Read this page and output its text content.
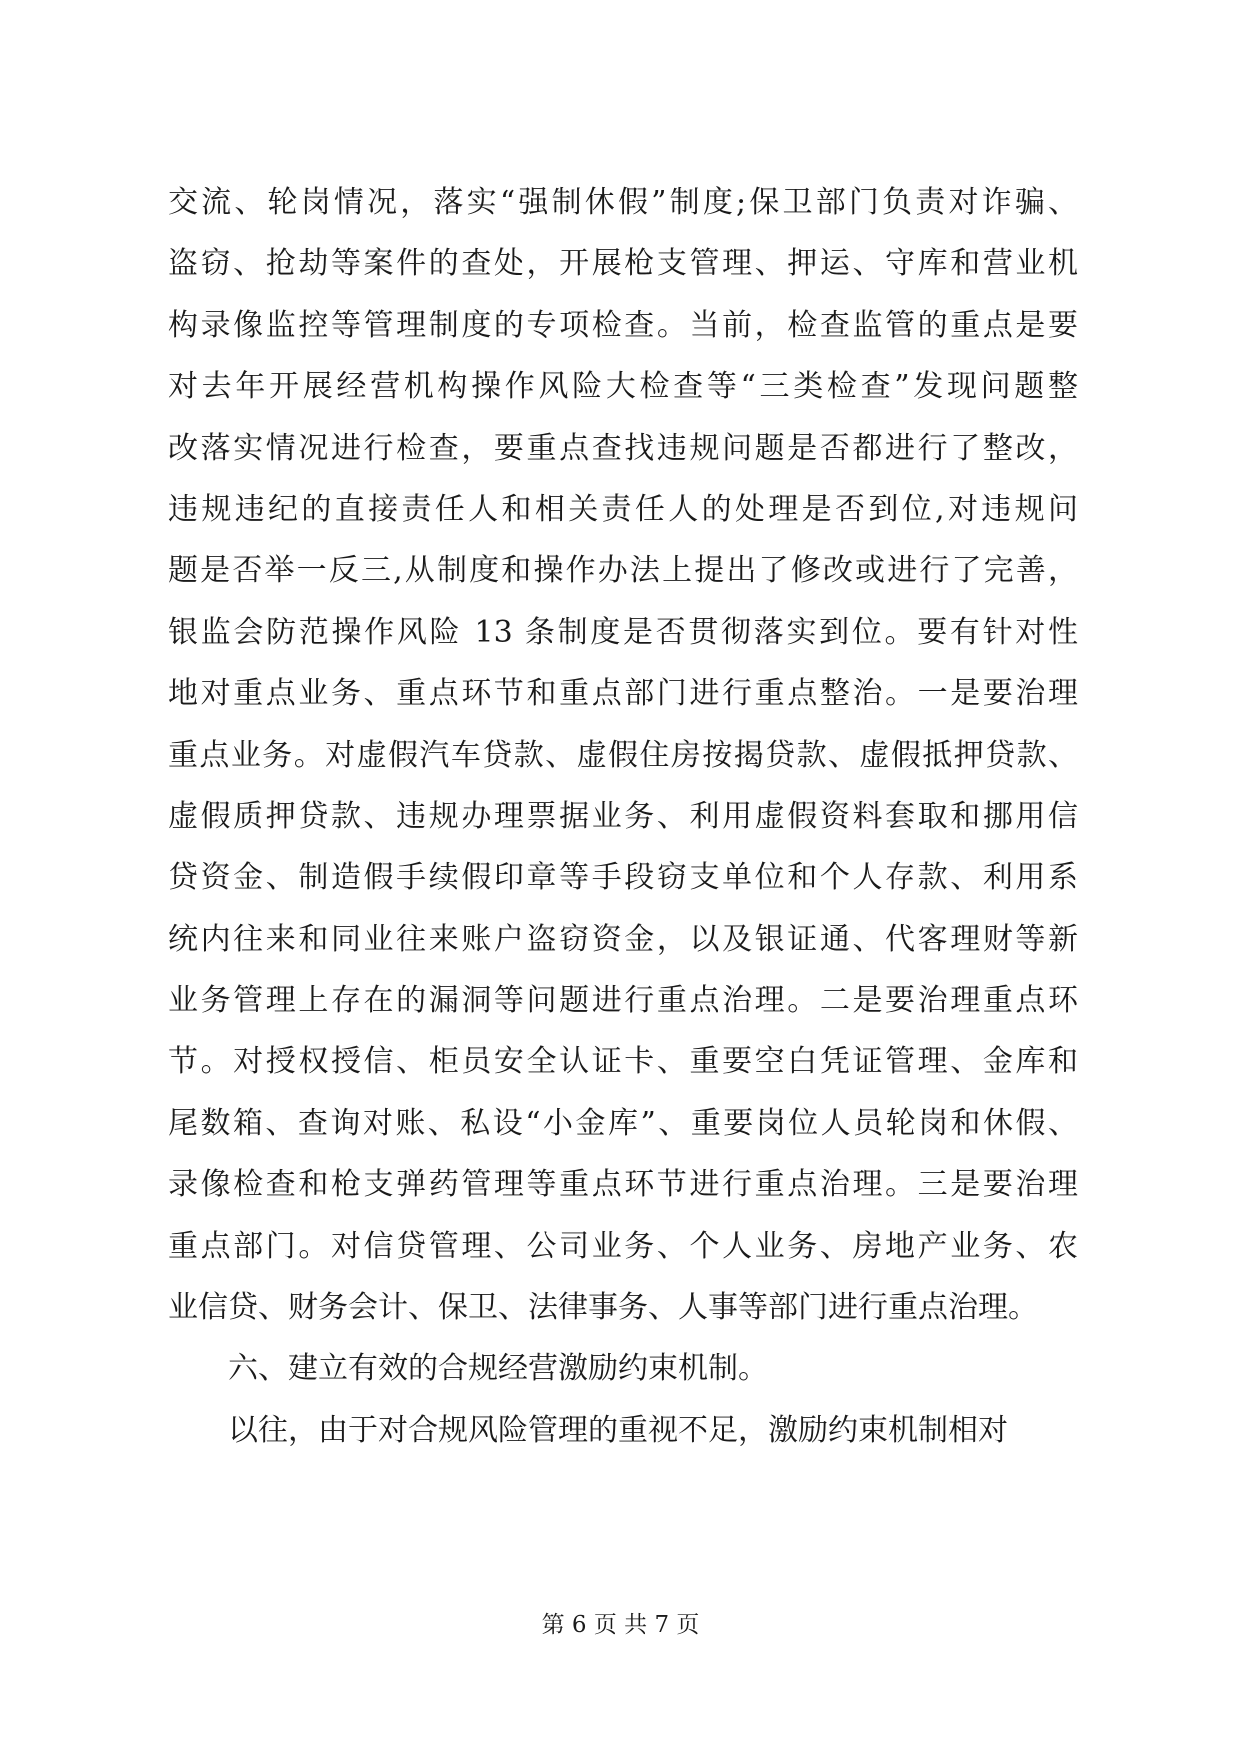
交流、轮岗情况，落实“强制休假”制度;保卫部门负责对诈骗、
盗窃、抢劫等案件的查处，开展枪支管理、押运、守库和营业机
构录像监控等管理制度的专项检查。当前，检查监管的重点是要
对去年开展经营机构操作风险大检查等“三类检查”发现问题整
改落实情况进行检查，要重点查找违规问题是否都进行了整改，
违规违纪的直接责任人和相关责任人的处理是否到位,对违规问
题是否举一反三,从制度和操作办法上提出了修改或进行了完善，
银监会防范操作风险 13 条制度是否贯彻落实到位。要有针对性
地对重点业务、重点环节和重点部门进行重点整治。一是要治理
重点业务。对虚假汽车贷款、虚假住房按揭贷款、虚假抵押贷款、
虚假质押贷款、违规办理票据业务、利用虚假资料套取和挪用信
贷资金、制造假手续假印章等手段窃支单位和个人存款、利用系
统内往来和同业往来账户盗窃资金，以及银证通、代客理财等新
业务管理上存在的漏洞等问题进行重点治理。二是要治理重点环
节。对授权授信、柜员安全认证卡、重要空白凭证管理、金库和
尾数箱、查询对账、私设“小金库”、重要岗位人员轮岗和休假、
录像检查和枪支弹药管理等重点环节进行重点治理。三是要治理
重点部门。对信贷管理、公司业务、个人业务、房地产业务、农
业信贷、财务会计、保卫、法律事务、人事等部门进行重点治理。
六、建立有效的合规经营激励约束机制。
以往，由于对合规风险管理的重视不足，激励约束机制相对
第 6 页 共 7 页
